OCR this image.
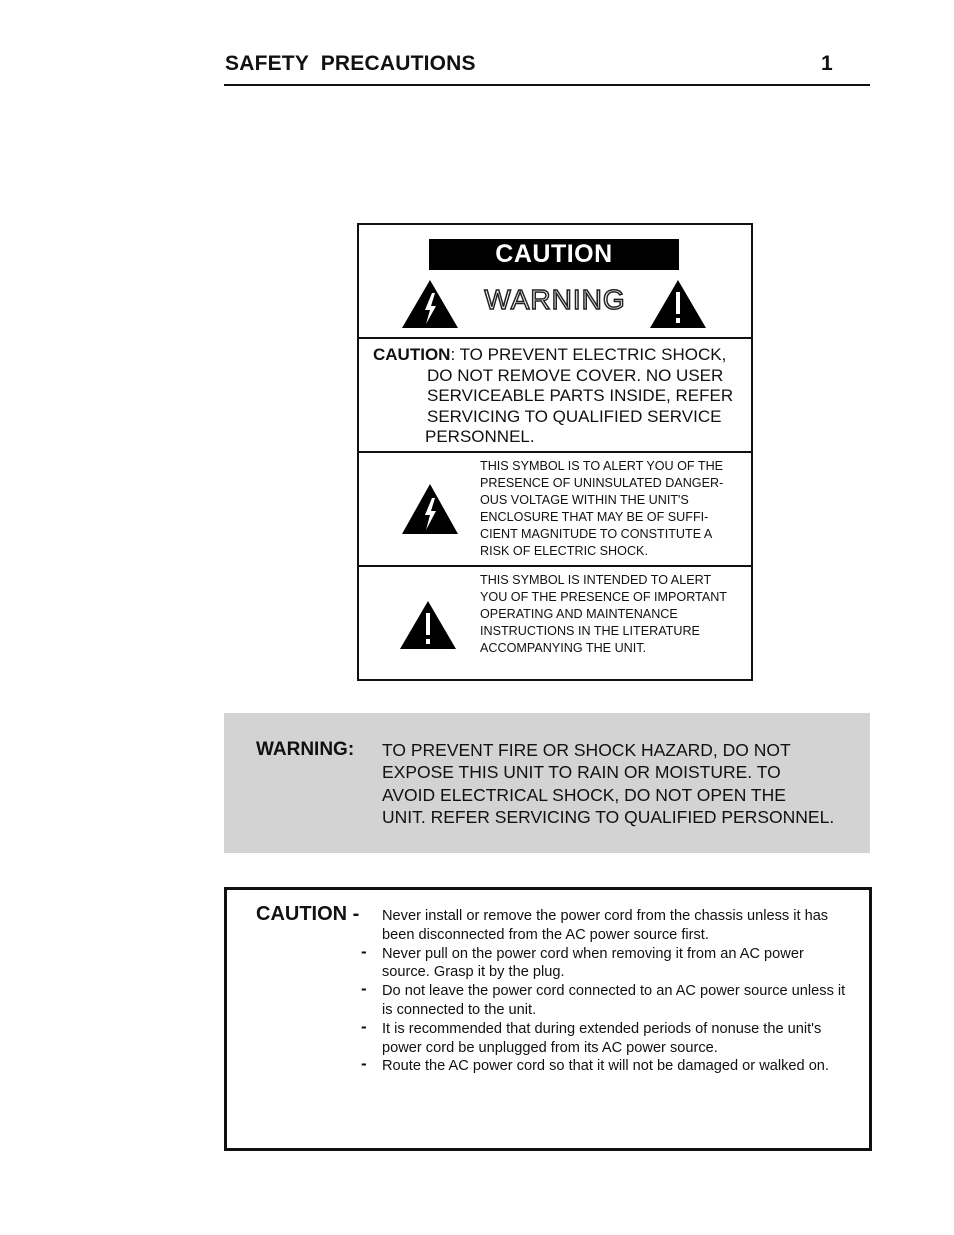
SAFETY PRECAUTIONS	1
CAUTION
WARNING
CAUTION: TO PREVENT ELECTRIC SHOCK,
DO NOT REMOVE COVER. NO USER
SERVICEABLE PARTS INSIDE, REFER
SERVICING TO QUALIFIED SERVICE
PERSONNEL.
THIS SYMBOL IS TO ALERT YOU OF THE
PRESENCE OF UNINSULATED DANGER-
OUS VOLTAGE WITHIN THE UNIT'S
ENCLOSURE THAT MAY BE OF SUFFI-
CIENT MAGNITUDE TO CONSTITUTE A
RISK OF ELECTRIC SHOCK.
THIS SYMBOL IS INTENDED TO ALERT
YOU OF THE PRESENCE OF IMPORTANT
OPERATING AND MAINTENANCE
INSTRUCTIONS IN THE LITERATURE
ACCOMPANYING THE UNIT.
WARNING: TO PREVENT FIRE OR SHOCK HAZARD, DO NOT
EXPOSE THIS UNIT TO RAIN OR MOISTURE. TO
AVOID ELECTRICAL SHOCK, DO NOT OPEN THE
UNIT. REFER SERVICING TO QUALIFIED PERSONNEL.
CAUTION -	Never install or remove the power cord from the chassis unless it has been disconnected from the AC power source first.
- Never pull on the power cord when removing it from an AC power source. Grasp it by the plug.
- Do not leave the power cord connected to an AC power source unless it is connected to the unit.
- It is recommended that during extended periods of nonuse the unit's power cord be unplugged from its AC power source.
- Route the AC power cord so that it will not be damaged or walked on.
